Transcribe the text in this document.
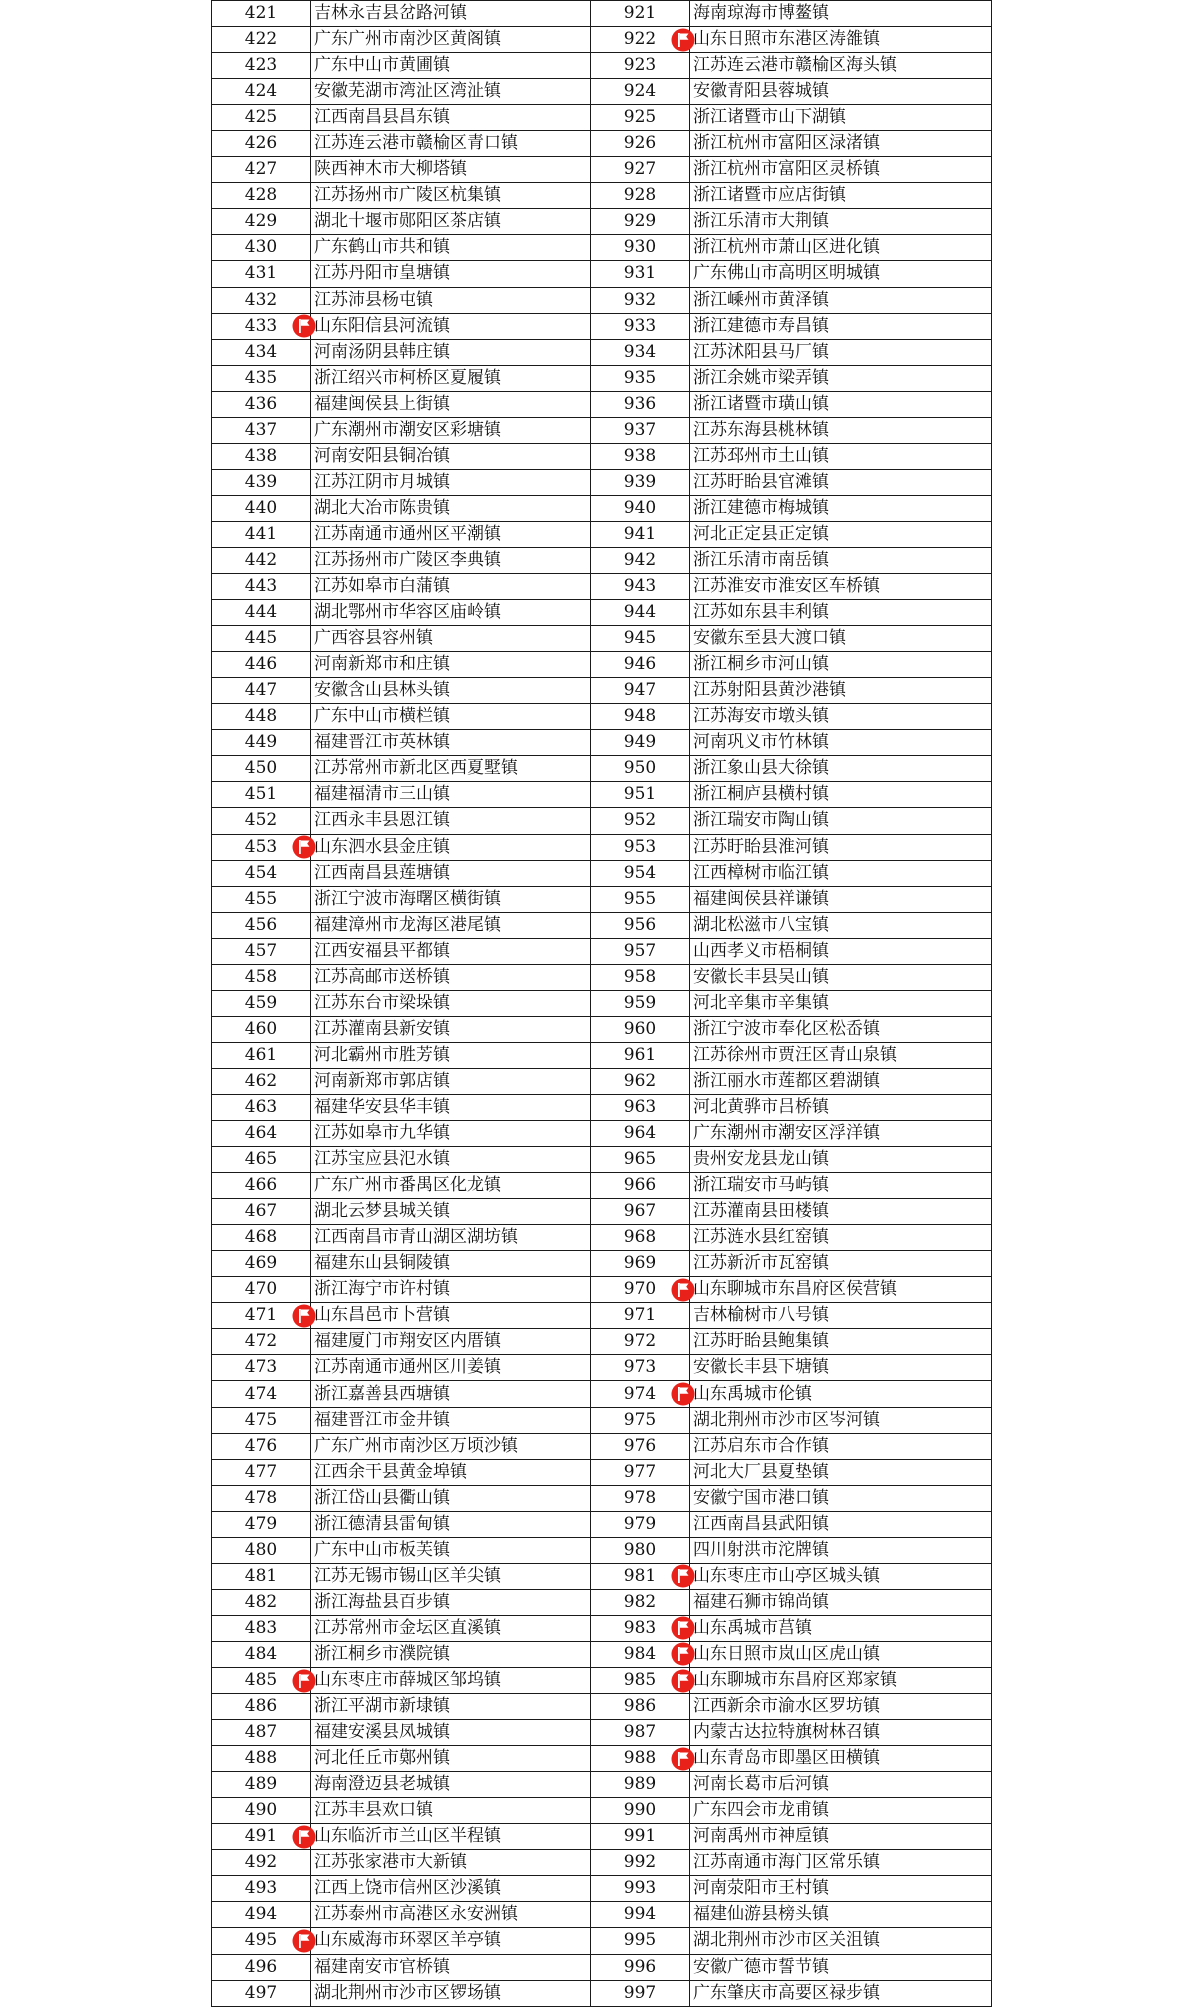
421	吉林永吉县岔路河镇	921	海南琼海市博鳌镇
422	广东广州市南沙区黄阁镇	922	山东日照市东港区涛雒镇
423	广东中山市黄圃镇	923	江苏连云港市赣榆区海头镇
424	安徽芜湖市湾沚区湾沚镇	924	安徽青阳县蓉城镇
425	江西南昌县昌东镇	925	浙江诸暨市山下湖镇
426	江苏连云港市赣榆区青口镇	926	浙江杭州市富阳区渌渚镇
427	陕西神木市大柳塔镇	927	浙江杭州市富阳区灵桥镇
428	江苏扬州市广陵区杭集镇	928	浙江诸暨市应店街镇
429	湖北十堰市郧阳区茶店镇	929	浙江乐清市大荆镇
430	广东鹤山市共和镇	930	浙江杭州市萧山区进化镇
431	江苏丹阳市皇塘镇	931	广东佛山市高明区明城镇
432	江苏沛县杨屯镇	932	浙江嵊州市黄泽镇
433	山东阳信县河流镇	933	浙江建德市寿昌镇
434	河南汤阴县韩庄镇	934	江苏沭阳县马厂镇
435	浙江绍兴市柯桥区夏履镇	935	浙江余姚市梁弄镇
436	福建闽侯县上街镇	936	浙江诸暨市璜山镇
437	广东潮州市潮安区彩塘镇	937	江苏东海县桃林镇
438	河南安阳县铜冶镇	938	江苏邳州市土山镇
439	江苏江阴市月城镇	939	江苏盱眙县官滩镇
440	湖北大冶市陈贵镇	940	浙江建德市梅城镇
441	江苏南通市通州区平潮镇	941	河北正定县正定镇
442	江苏扬州市广陵区李典镇	942	浙江乐清市南岳镇
443	江苏如皋市白蒲镇	943	江苏淮安市淮安区车桥镇
444	湖北鄂州市华容区庙岭镇	944	江苏如东县丰利镇
445	广西容县容州镇	945	安徽东至县大渡口镇
446	河南新郑市和庄镇	946	浙江桐乡市河山镇
447	安徽含山县林头镇	947	江苏射阳县黄沙港镇
448	广东中山市横栏镇	948	江苏海安市墩头镇
449	福建晋江市英林镇	949	河南巩义市竹林镇
450	江苏常州市新北区西夏墅镇	950	浙江象山县大徐镇
451	福建福清市三山镇	951	浙江桐庐县横村镇
452	江西永丰县恩江镇	952	浙江瑞安市陶山镇
453	山东泗水县金庄镇	953	江苏盱眙县淮河镇
454	江西南昌县莲塘镇	954	江西樟树市临江镇
455	浙江宁波市海曙区横街镇	955	福建闽侯县祥谦镇
456	福建漳州市龙海区港尾镇	956	湖北松滋市八宝镇
457	江西安福县平都镇	957	山西孝义市梧桐镇
458	江苏高邮市送桥镇	958	安徽长丰县吴山镇
459	江苏东台市梁垛镇	959	河北辛集市辛集镇
460	江苏灌南县新安镇	960	浙江宁波市奉化区松岙镇
461	河北霸州市胜芳镇	961	江苏徐州市贾汪区青山泉镇
462	河南新郑市郭店镇	962	浙江丽水市莲都区碧湖镇
463	福建华安县华丰镇	963	河北黄骅市吕桥镇
464	江苏如皋市九华镇	964	广东潮州市潮安区浮洋镇
465	江苏宝应县氾水镇	965	贵州安龙县龙山镇
466	广东广州市番禺区化龙镇	966	浙江瑞安市马屿镇
467	湖北云梦县城关镇	967	江苏灌南县田楼镇
468	江西南昌市青山湖区湖坊镇	968	江苏涟水县红窑镇
469	福建东山县铜陵镇	969	江苏新沂市瓦窑镇
470	浙江海宁市许村镇	970	山东聊城市东昌府区侯营镇
471	山东昌邑市卜营镇	971	吉林榆树市八号镇
472	福建厦门市翔安区内厝镇	972	江苏盱眙县鲍集镇
473	江苏南通市通州区川姜镇	973	安徽长丰县下塘镇
474	浙江嘉善县西塘镇	974	山东禹城市伦镇
475	福建晋江市金井镇	975	湖北荆州市沙市区岑河镇
476	广东广州市南沙区万顷沙镇	976	江苏启东市合作镇
477	江西余干县黄金埠镇	977	河北大厂县夏垫镇
478	浙江岱山县衢山镇	978	安徽宁国市港口镇
479	浙江德清县雷甸镇	979	江西南昌县武阳镇
480	广东中山市板芙镇	980	四川射洪市沱牌镇
481	江苏无锡市锡山区羊尖镇	981	山东枣庄市山亭区城头镇
482	浙江海盐县百步镇	982	福建石狮市锦尚镇
483	江苏常州市金坛区直溪镇	983	山东禹城市莒镇
484	浙江桐乡市濮院镇	984	山东日照市岚山区虎山镇
485	山东枣庄市薛城区邹坞镇	985	山东聊城市东昌府区郑家镇
486	浙江平湖市新埭镇	986	江西新余市渝水区罗坊镇
487	福建安溪县凤城镇	987	内蒙古达拉特旗树林召镇
488	河北任丘市鄚州镇	988	山东青岛市即墨区田横镇
489	海南澄迈县老城镇	989	河南长葛市后河镇
490	江苏丰县欢口镇	990	广东四会市龙甫镇
491	山东临沂市兰山区半程镇	991	河南禹州市神垕镇
492	江苏张家港市大新镇	992	江苏南通市海门区常乐镇
493	江西上饶市信州区沙溪镇	993	河南荥阳市王村镇
494	江苏泰州市高港区永安洲镇	994	福建仙游县榜头镇
495	山东威海市环翠区羊亭镇	995	湖北荆州市沙市区关沮镇
496	福建南安市官桥镇	996	安徽广德市誓节镇
497	湖北荆州市沙市区锣场镇	997	广东肇庆市高要区禄步镇
